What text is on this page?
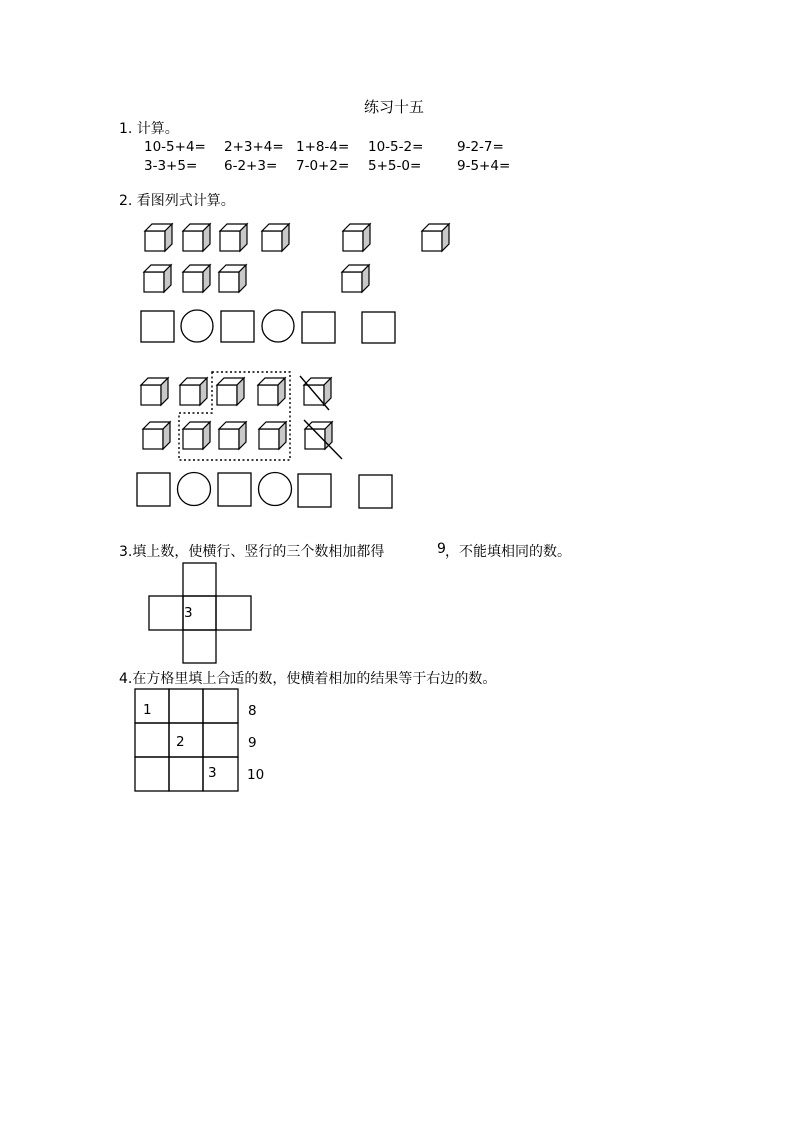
练习十五
1. 计算。
10-5+4= 2+3+4= 1+8-4= 10-5-2= 9-2-7=
3-3+5= 6-2+3= 7-0+2= 5+5-0=	9-5+4=
2. 看图列式计算。
3.填上数，使横行、竖行的三个数相加都得	9 ，不能填相同的数。
3
4.在方格里填上合适的数，使横着相加的结果等于右边的数。
1
2
3
8
9
10
